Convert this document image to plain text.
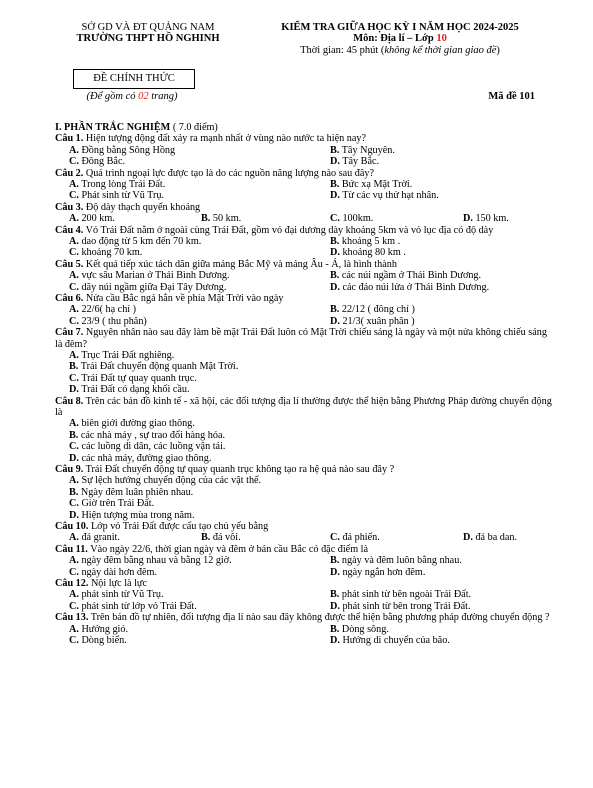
SỞ GD VÀ ĐT QUẢNG NAM
TRƯỜNG THPT HỒ NGHINH
ĐỀ CHÍNH THỨC
(Để gồm có 02 trang)
KIỂM TRA GIỮA HỌC KỲ I NĂM HỌC 2024-2025
Môn: Địa lí – Lớp 10
Thời gian: 45 phút (không kể thời gian giao đề)
Mã đề 101
I. PHẦN TRẮC NGHIỆM ( 7.0 điểm)
Câu 1. Hiện tượng động đất xảy ra mạnh nhất ở vùng nào nước ta hiện nay?
A. Đồng bằng Sông Hồng	B. Tây Nguyên.
C. Đông Bắc.	D. Tây Bắc.
Câu 2. Quá trình ngoại lực được tạo là do các nguồn năng lượng nào sau đây?
A. Trong lòng Trái Đất.	B. Bức xạ Mặt Trời.
C. Phát sinh từ Vũ Trụ.	D. Từ các vụ thử hạt nhân.
Câu 3. Độ dày thạch quyển khoảng
A. 200 km.	B. 50 km.	C. 100km.	D. 150 km.
Câu 4. Vỏ Trái Đất nằm ở ngoài cùng Trái Đất, gồm vỏ đại dương dày khoảng 5km và vỏ lục địa có độ dày
A. dao động từ 5 km đến 70 km.	B. khoảng 5 km .
C. khoảng 70 km.	D. khoảng 80 km .
Câu 5. Kết quả tiếp xúc tách dãn giữa mảng Bắc Mỹ và mảng Âu - Á, là hình thành
A. vực sâu Marian ở Thái Bình Dương.	B. các núi ngầm ở Thái Bình Dương.
C. dãy núi ngầm giữa Đại Tây Dương.	D. các đảo núi lửa ở Thái Bình Dương.
Câu 6. Nửa cầu Bắc ngả hẳn về phía Mặt Trời vào ngày
A. 22/6( hạ chí )	B. 22/12 ( đông chí )
C. 23/9 ( thu phân)	D. 21/3( xuân phân )
Câu 7. Nguyên nhân nào sau đây làm bề mặt Trái Đất luôn có Mặt Trời chiếu sáng là ngày và một nửa không chiếu sáng là đêm?
A. Trục Trái Đất nghiêng.
B. Trái Đất chuyển động quanh Mặt Trời.
C. Trái Đất tự quay quanh trục.
D. Trái Đất có dạng khối cầu.
Câu 8. Trên các bản đồ kinh tế - xã hội, các đối tượng địa lí thường được thể hiện bằng Phương Pháp đường chuyển động là
A. biên giới đường giao thông.
B. các nhà máy , sự trao đổi hàng hóa.
C. các luồng di dân, các luồng vận tải.
D. các nhà máy, đường giao thông.
Câu 9. Trái Đất chuyển động tự quay quanh trục không tạo ra hệ quả nào sau đây ?
A. Sự lệch hướng chuyển động của các vật thể.
B. Ngày đêm luân phiên nhau.
C. Giờ trên Trái Đất.
D. Hiện tượng mùa trong năm.
Câu 10. Lớp vỏ Trái Đất được cấu tạo chủ yếu bằng
A. đá granit.	B. đá vôi.	C. đá phiến.	D. đá ba dan.
Câu 11. Vào ngày 22/6, thời gian ngày và đêm ở bán cầu Bắc có đặc điểm là
A. ngày đêm bằng nhau và bằng 12 giờ.	B. ngày và đêm luôn bằng nhau.
C. ngày dài hơn đêm.	D. ngày ngắn hơn đêm.
Câu 12. Nội lực là lực
A. phát sinh từ Vũ Trụ.	B. phát sinh từ bên ngoài Trái Đất.
C. phát sinh từ lớp vỏ Trái Đất.	D. phát sinh từ bên trong Trái Đất.
Câu 13. Trên bản đồ tự nhiên, đối tượng địa lí nào sau đây không được thể hiện bằng phương pháp đường chuyển động ?
A. Hướng gió.	B. Dòng sông.
C. Dòng biển.	D. Hướng di chuyển của bão.
